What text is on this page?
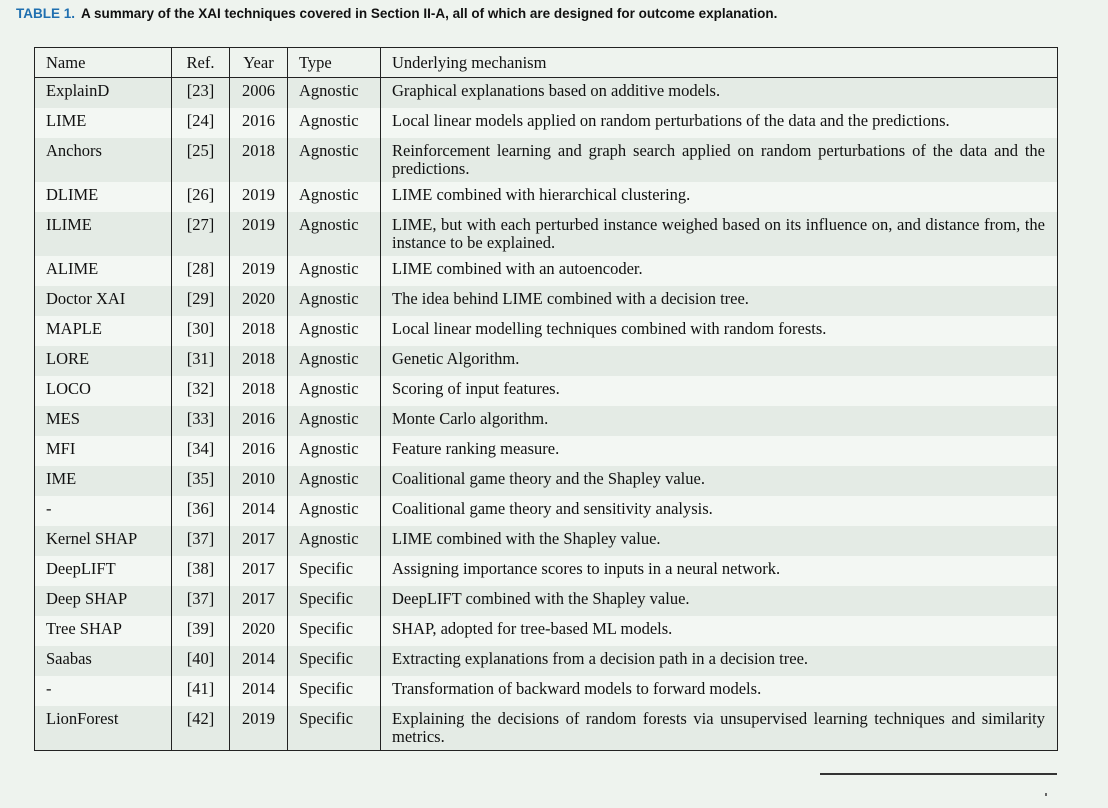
TABLE 1. A summary of the XAI techniques covered in Section II-A, all of which are designed for outcome explanation.
Name	Ref.	Year	Type	Underlying mechanism
ExplainD	[23]	2006	Agnostic	Graphical explanations based on additive models.
LIME	[24]	2016	Agnostic	Local linear models applied on random perturbations of the data and the predictions.
Anchors	[25]	2018	Agnostic	Reinforcement learning and graph search applied on random perturbations of the data and the predictions.
DLIME	[26]	2019	Agnostic	LIME combined with hierarchical clustering.
ILIME	[27]	2019	Agnostic	LIME, but with each perturbed instance weighed based on its influence on, and distance from, the instance to be explained.
ALIME	[28]	2019	Agnostic	LIME combined with an autoencoder.
Doctor XAI	[29]	2020	Agnostic	The idea behind LIME combined with a decision tree.
MAPLE	[30]	2018	Agnostic	Local linear modelling techniques combined with random forests.
LORE	[31]	2018	Agnostic	Genetic Algorithm.
LOCO	[32]	2018	Agnostic	Scoring of input features.
MES	[33]	2016	Agnostic	Monte Carlo algorithm.
MFI	[34]	2016	Agnostic	Feature ranking measure.
IME	[35]	2010	Agnostic	Coalitional game theory and the Shapley value.
-	[36]	2014	Agnostic	Coalitional game theory and sensitivity analysis.
Kernel SHAP	[37]	2017	Agnostic	LIME combined with the Shapley value.
DeepLIFT	[38]	2017	Specific	Assigning importance scores to inputs in a neural network.
Deep SHAP	[37]	2017	Specific	DeepLIFT combined with the Shapley value.
Tree SHAP	[39]	2020	Specific	SHAP, adopted for tree-based ML models.
Saabas	[40]	2014	Specific	Extracting explanations from a decision path in a decision tree.
-	[41]	2014	Specific	Transformation of backward models to forward models.
LionForest	[42]	2019	Specific	Explaining the decisions of random forests via unsupervised learning techniques and similarity metrics.
